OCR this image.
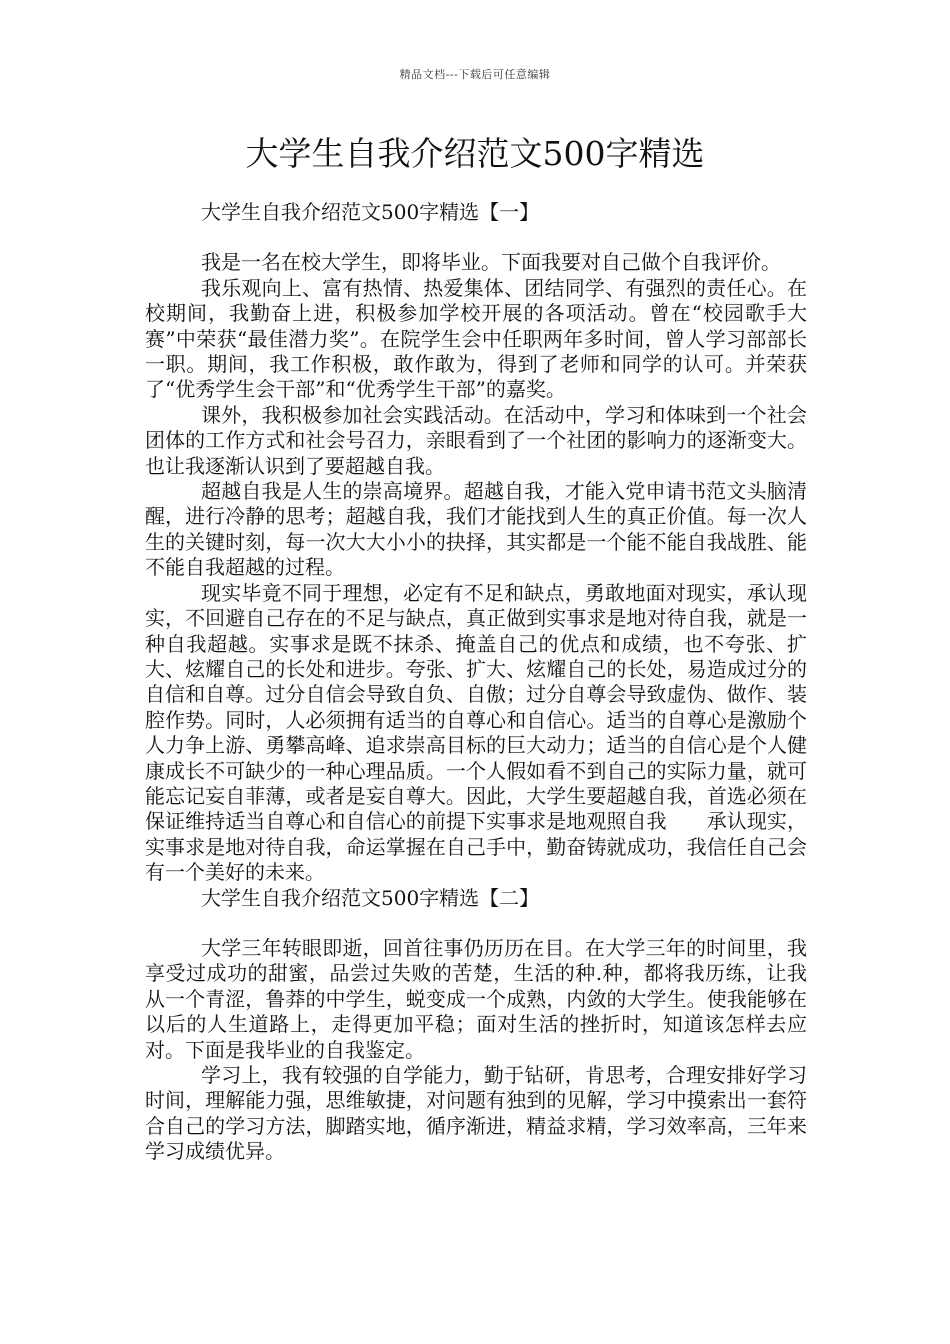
精品文档---下载后可任意编辑
大学生自我介绍范文500字精选
大学生自我介绍范文500字精选【一】

我是一名在校大学生，即将毕业。下面我要对自己做个自我评价。

我乐观向上、富有热情、热爱集体、团结同学、有强烈的责任心。在校期间，我勤奋上进，积极参加学校开展的各项活动。曾在“校园歌手大赛”中荣获“最佳潜力奖”。在院学生会中任职两年多时间，曾人学习部部长一职。期间，我工作积极，敢作敢为，得到了老师和同学的认可。并荣获了“优秀学生会干部”和“优秀学生干部”的嘉奖。

课外，我积极参加社会实践活动。在活动中，学习和体味到一个社会团体的工作方式和社会号召力，亲眼看到了一个社团的影响力的逐渐变大。也让我逐渐认识到了要超越自我。

超越自我是人生的崇高境界。超越自我，才能入党申请书范文头脑清醒，进行冷静的思考；超越自我，我们才能找到人生的真正价值。每一次人生的关键时刻，每一次大大小小的抉择，其实都是一个能不能自我战胜、能不能自我超越的过程。

现实毕竟不同于理想，必定有不足和缺点，勇敢地面对现实，承认现实，不回避自己存在的不足与缺点，真正做到实事求是地对待自我，就是一种自我超越。实事求是既不抹杀、掩盖自己的优点和成绩，也不夸张、扩大、炫耀自己的长处和进步。夸张、扩大、炫耀自己的长处，易造成过分的自信和自尊。过分自信会导致自负、自傲；过分自尊会导致虚伪、做作、装腔作势。同时，人必须拥有适当的自尊心和自信心。适当的自尊心是激励个人力争上游、勇攀高峰、追求崇高目标的巨大动力；适当的自信心是个人健康成长不可缺少的一种心理品质。一个人假如看不到自己的实际力量，就可能忘记妄自菲薄，或者是妄自尊大。因此，大学生要超越自我，首选必须在保证维持适当自尊心和自信心的前提下实事求是地观照自我　　承认现实，实事求是地对待自我，命运掌握在自己手中，勤奋铸就成功，我信任自己会有一个美好的未来。

大学生自我介绍范文500字精选【二】

大学三年转眼即逝，回首往事仍历历在目。在大学三年的时间里，我享受过成功的甜蜜，品尝过失败的苦楚，生活的种.种，都将我历练，让我从一个青涩，鲁莽的中学生，蜕变成一个成熟，内敛的大学生。使我能够在以后的人生道路上，走得更加平稳；面对生活的挫折时，知道该怎样去应对。下面是我毕业的自我鉴定。

学习上，我有较强的自学能力，勤于钻研，肯思考，合理安排好学习时间，理解能力强，思维敏捷，对问题有独到的见解，学习中摸索出一套符合自己的学习方法，脚踏实地，循序渐进，精益求精，学习效率高，三年来学习成绩优异。
